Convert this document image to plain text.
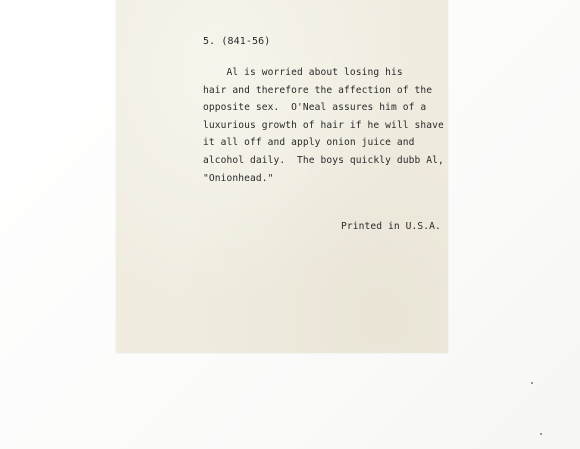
5. (841-56)
Al is worried about losing his
hair and therefore the affection of the
opposite sex.  O'Neal assures him of a
luxurious growth of hair if he will shave
it all off and apply onion juice and
alcohol daily.  The boys quickly dubb Al,
"Onionhead."
Printed in U.S.A.
